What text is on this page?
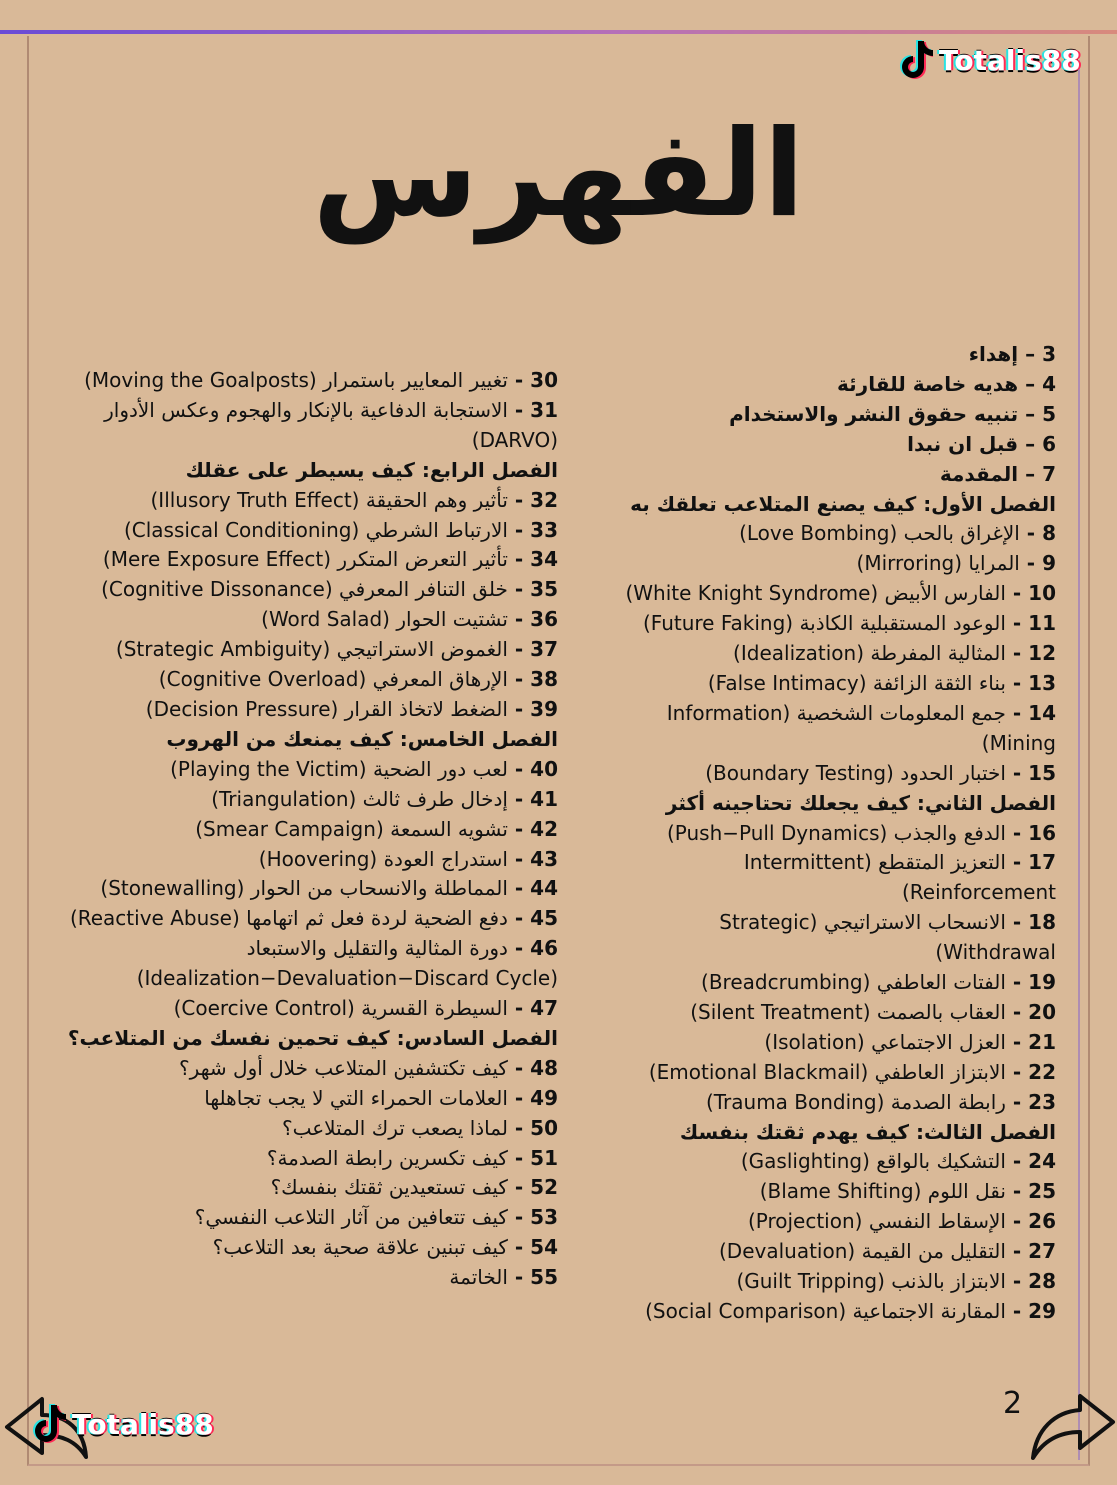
Totalis88
الفهرس
3 – إهداء
4 – هديه خاصة للقارئة
5 – تنبيه حقوق النشر والاستخدام
6 – قبل ان نبدا
7 – المقدمة
الفصل الأول: كيف يصنع المتلاعب تعلقك به
8 - الإغراق بالحب (Love Bombing)
9 - المرايا (Mirroring)
10 - الفارس الأبيض (White Knight Syndrome)
11 - الوعود المستقبلية الكاذبة (Future Faking)
12 - المثالية المفرطة (Idealization)
13 - بناء الثقة الزائفة (False Intimacy)
14 - جمع المعلومات الشخصية (Information Mining)
15 - اختبار الحدود (Boundary Testing)
الفصل الثاني: كيف يجعلك تحتاجينه أكثر
16 - الدفع والجذب (Push−Pull Dynamics)
17 - التعزيز المتقطع (Intermittent Reinforcement)
18 - الانسحاب الاستراتيجي (Strategic Withdrawal)
19 - الفتات العاطفي (Breadcrumbing)
20 - العقاب بالصمت (Silent Treatment)
21 - العزل الاجتماعي (Isolation)
22 - الابتزاز العاطفي (Emotional Blackmail)
23 - رابطة الصدمة (Trauma Bonding)
الفصل الثالث: كيف يهدم ثقتك بنفسك
24 - التشكيك بالواقع (Gaslighting)
25 - نقل اللوم (Blame Shifting)
26 - الإسقاط النفسي (Projection)
27 - التقليل من القيمة (Devaluation)
28 - الابتزاز بالذنب (Guilt Tripping)
29 - المقارنة الاجتماعية (Social Comparison)
30 - تغيير المعايير باستمرار (Moving the Goalposts)
31 - الاستجابة الدفاعية بالإنكار والهجوم وعكس الأدوار (DARVO)
الفصل الرابع: كيف يسيطر على عقلك
32 - تأثير وهم الحقيقة (Illusory Truth Effect)
33 - الارتباط الشرطي (Classical Conditioning)
34 - تأثير التعرض المتكرر (Mere Exposure Effect)
35 - خلق التنافر المعرفي (Cognitive Dissonance)
36 - تشتيت الحوار (Word Salad)
37 - الغموض الاستراتيجي (Strategic Ambiguity)
38 - الإرهاق المعرفي (Cognitive Overload)
39 - الضغط لاتخاذ القرار (Decision Pressure)
الفصل الخامس: كيف يمنعك من الهروب
40 - لعب دور الضحية (Playing the Victim)
41 - إدخال طرف ثالث (Triangulation)
42 - تشويه السمعة (Smear Campaign)
43 - استدراج العودة (Hoovering)
44 - المماطلة والانسحاب من الحوار (Stonewalling)
45 - دفع الضحية لردة فعل ثم اتهامها (Reactive Abuse)
46 - دورة المثالية والتقليل والاستبعاد (Idealization−Devaluation−Discard Cycle)
47 - السيطرة القسرية (Coercive Control)
الفصل السادس: كيف تحمين نفسك من المتلاعب؟
48 - كيف تكتشفين المتلاعب خلال أول شهر؟
49 - العلامات الحمراء التي لا يجب تجاهلها
50 - لماذا يصعب ترك المتلاعب؟
51 - كيف تكسرين رابطة الصدمة؟
52 - كيف تستعيدين ثقتك بنفسك؟
53 - كيف تتعافين من آثار التلاعب النفسي؟
54 - كيف تبنين علاقة صحية بعد التلاعب؟
55 - الخاتمة
2
Totalis88
